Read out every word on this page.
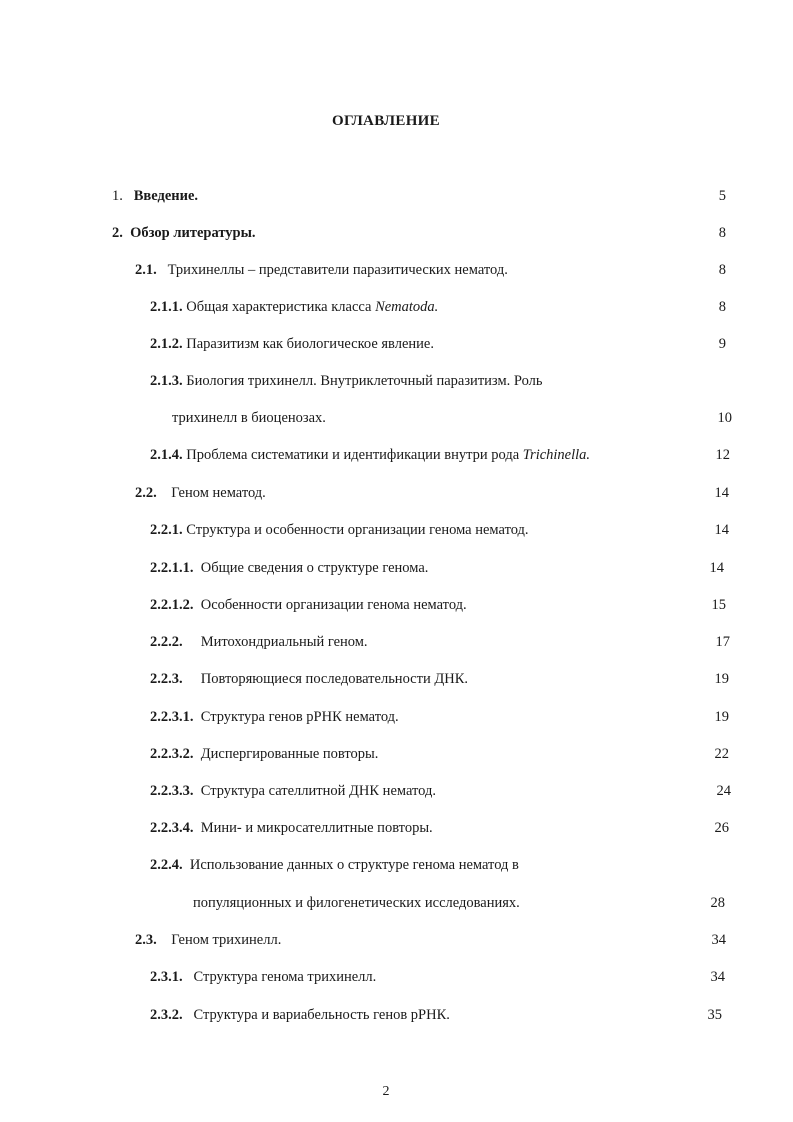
ОГЛАВЛЕНИЕ
1. Введение.	5
2. Обзор литературы.	8
2.1. Трихинеллы – представители паразитических нематод.	8
2.1.1. Общая характеристика класса Nematoda.	8
2.1.2. Паразитизм как биологическое явление.	9
2.1.3. Биология трихинелл. Внутриклеточный паразитизм. Роль
трихинелл в биоценозах.	10
2.1.4. Проблема систематики и идентификации внутри рода Trichinella.	12
2.2. Геном нематод.	14
2.2.1. Структура и особенности организации генома нематод.	14
2.2.1.1. Общие сведения о структуре генома.	14
2.2.1.2. Особенности организации генома нематод.	15
2.2.2. Митохондриальный геном.	17
2.2.3. Повторяющиеся последовательности ДНК.	19
2.2.3.1. Структура генов рРНК нематод.	19
2.2.3.2. Диспергированные повторы.	22
2.2.3.3. Структура сателлитной ДНК нематод.	24
2.2.3.4. Мини- и микросателлитные повторы.	26
2.2.4. Использование данных о структуре генома нематод в
популяционных и филогенетических исследованиях.	28
2.3. Геном трихинелл.	34
2.3.1. Структура генома трихинелл.	34
2.3.2. Структура и вариабельность генов рРНК.	35
2
